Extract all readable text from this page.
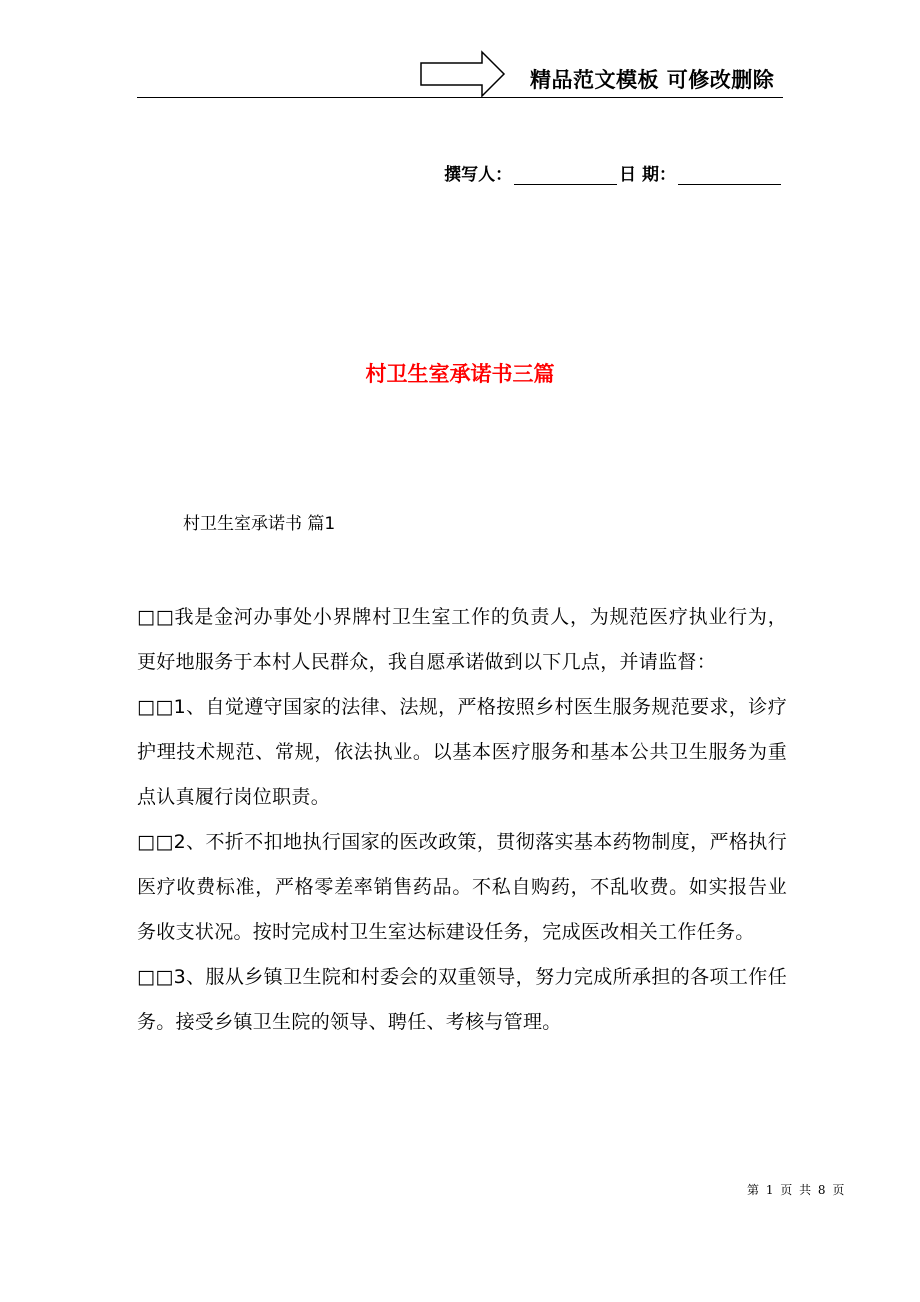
精品范文模板 可修改删除
撰写人：	日 期：
村卫生室承诺书三篇
村卫生室承诺书 篇1

□□我是金河办事处小界牌村卫生室工作的负责人，为规范医疗执业行为，更好地服务于本村人民群众，我自愿承诺做到以下几点，并请监督：

□□1、自觉遵守国家的法律、法规，严格按照乡村医生服务规范要求，诊疗护理技术规范、常规，依法执业。以基本医疗服务和基本公共卫生服务为重点认真履行岗位职责。

□□2、不折不扣地执行国家的医改政策，贯彻落实基本药物制度，严格执行医疗收费标准，严格零差率销售药品。不私自购药，不乱收费。如实报告业务收支状况。按时完成村卫生室达标建设任务，完成医改相关工作任务。

□□3、服从乡镇卫生院和村委会的双重领导，努力完成所承担的各项工作任务。接受乡镇卫生院的领导、聘任、考核与管理。

第 1 页 共 8 页
